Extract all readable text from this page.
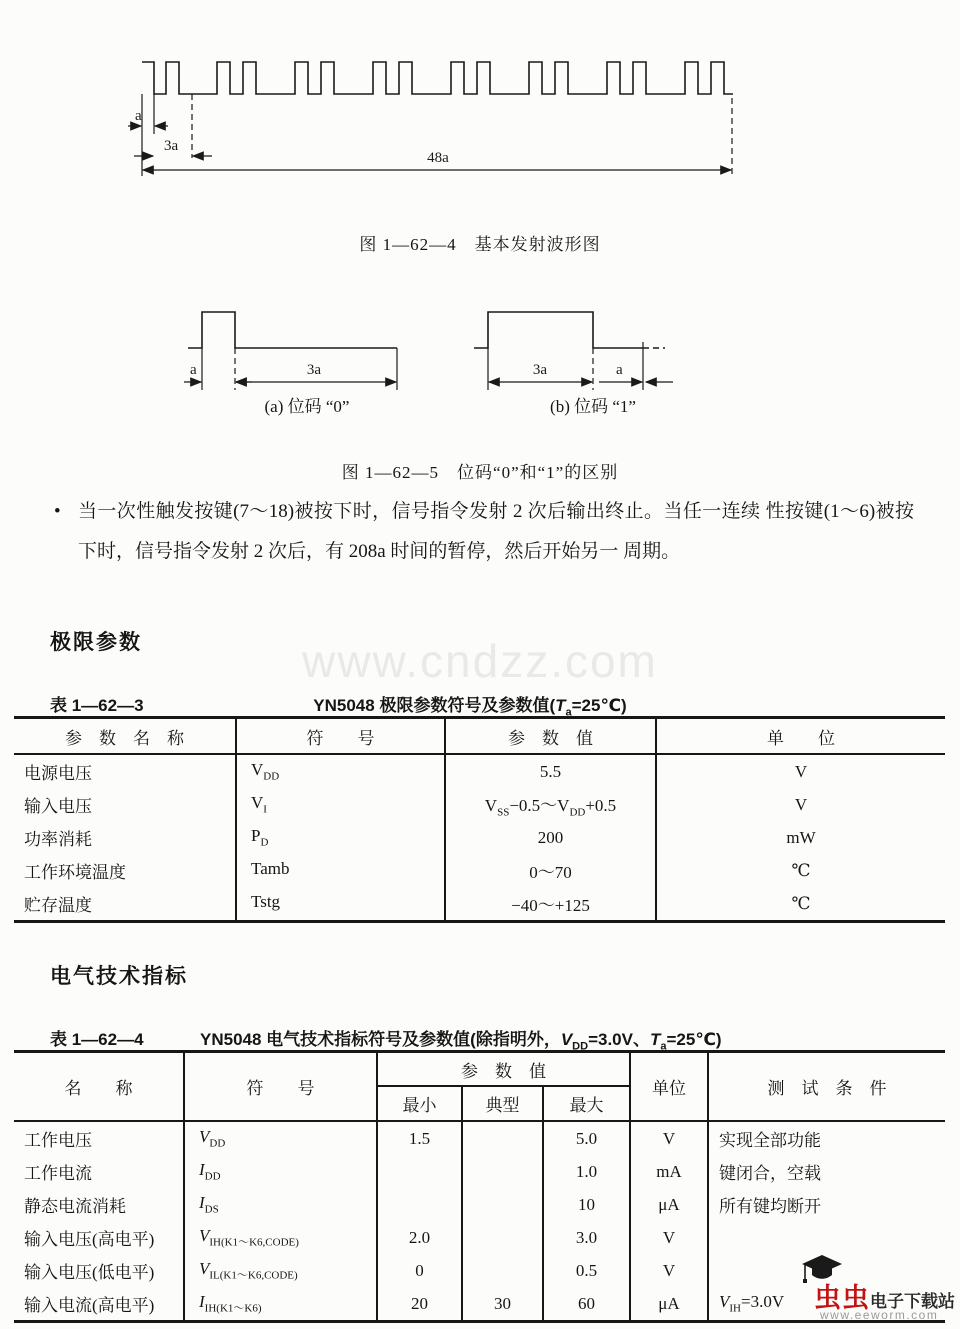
a
3a
48a
图 1—62—4　基本发射波形图
a	3a	3a	a
(a) 位码 “0”	(b) 位码 “1”
图 1—62—5　位码“0”和“1”的区别
• 当一次性触发按键(7～18)被按下时，信号指令发射 2 次后输出终止。当任一连续 性按键(1～6)被按下时，信号指令发射 2 次后，有 208a 时间的暂停，然后开始另一 周期。
极限参数	www.cndzz.com
表 1—62—3	YN5048 极限参数符号及参数值$(T_a=25℃)$
参　数　名　称	符　　号	参　数　值	单　　位
电源电压	$V_{DD}$	5.5	V
输入电压	$V_I$	$V_{SS}-0.5\sim V_{DD}+0.5$	V
功率消耗	$P_D$	200	mW
工作环境温度	Tamb	0～70	℃
贮存温度	Tstg	−40～+125	℃
电气技术指标
表 1—62—4	YN5048 电气技术指标符号及参数值(除指明外，$V_{DD}=3.0V$、$T_a=25℃$)
名　　称	符　　号	参　数　值			单位	测　试　条　件
		最小	典型	最大		
工作电压	$V_{DD}$	1.5		5.0	V	实现全部功能
工作电流	$I_{DD}$			1.0	mA	键闭合，空载
静态电流消耗	$I_{DS}$			10	μA	所有键均断开
输入电压(高电平)	$V_{IH(K1\sim K6,CODE)}$	2.0		3.0	V	
输入电压(低电平)	$V_{IL(K1\sim K6,CODE)}$	0		0.5	V	
输入电流(高电平)	$I_{IH(K1\sim K6)}$	20	30	60	μA	$V_{IH}=3.0V$ 虫虫电子下载站
www.eeworm.com
